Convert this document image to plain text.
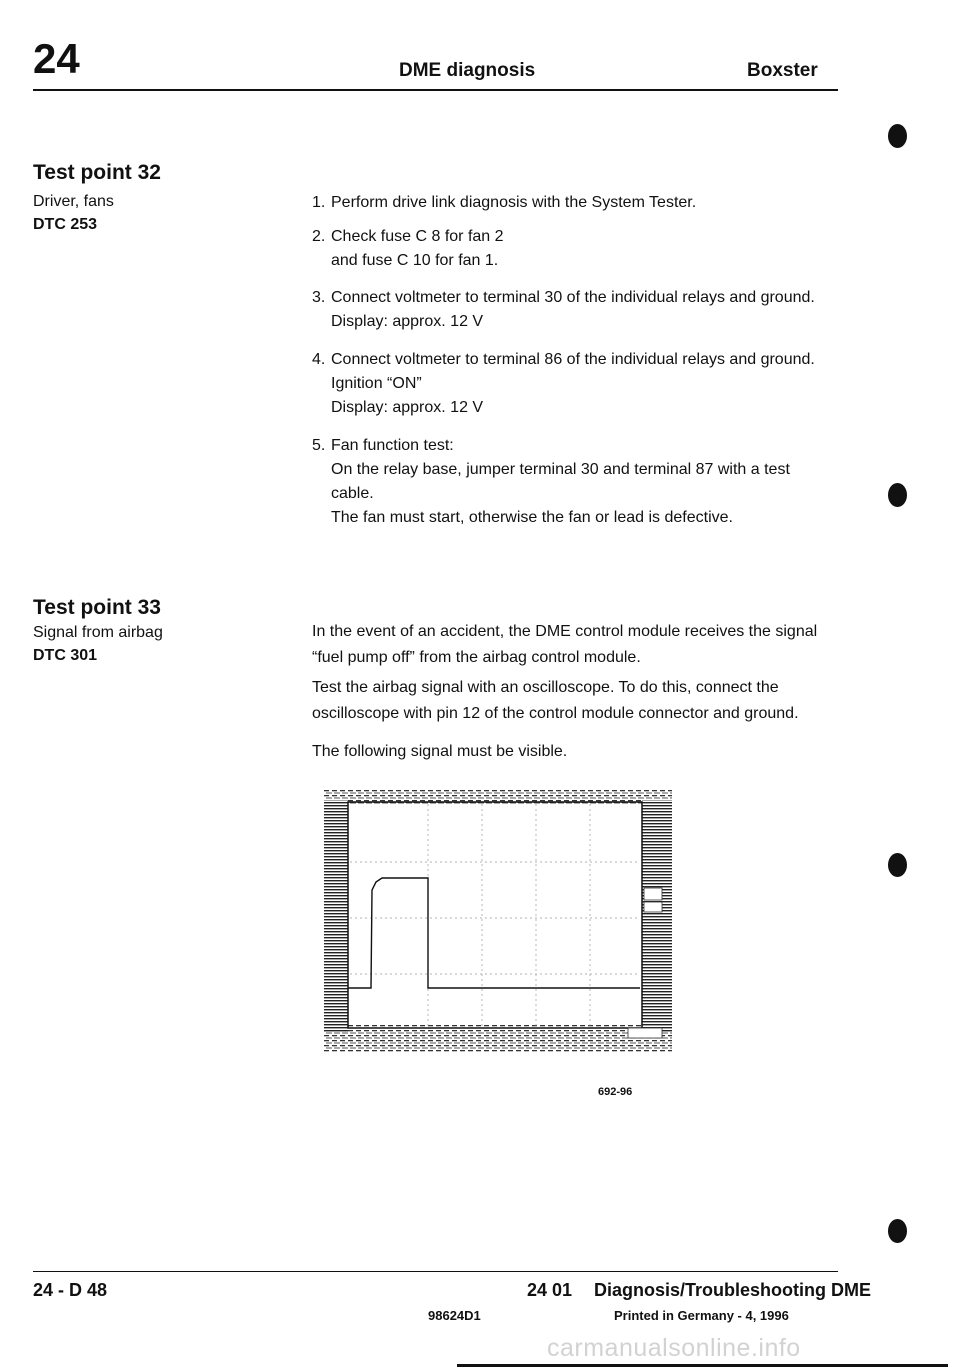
24	DME diagnosis	Boxster
Test point 32
Driver, fans
DTC 253
1. Perform drive link diagnosis with the System Tester.
2. Check fuse C 8 for fan 2
and fuse C 10 for fan 1.
3. Connect voltmeter to terminal 30 of the individual relays and ground.
Display: approx. 12 V
4. Connect voltmeter to terminal 86 of the individual relays and ground.
Ignition “ON”
Display: approx. 12 V
5. Fan function test:
On the relay base, jumper terminal 30 and terminal 87 with a test
cable.
The fan must start, otherwise the fan or lead is defective.
Test point 33
Signal from airbag
DTC 301
In the event of an accident, the DME control module receives the signal “fuel pump off” from the airbag control module.
Test the airbag signal with an oscilloscope. To do this, connect the oscilloscope with pin 12 of the control module connector and ground.
The following signal must be visible.
692-96
24 - D 48	24 01 Diagnosis/Troubleshooting DME
98624D1	Printed in Germany - 4, 1996
carmanualsonline.info
